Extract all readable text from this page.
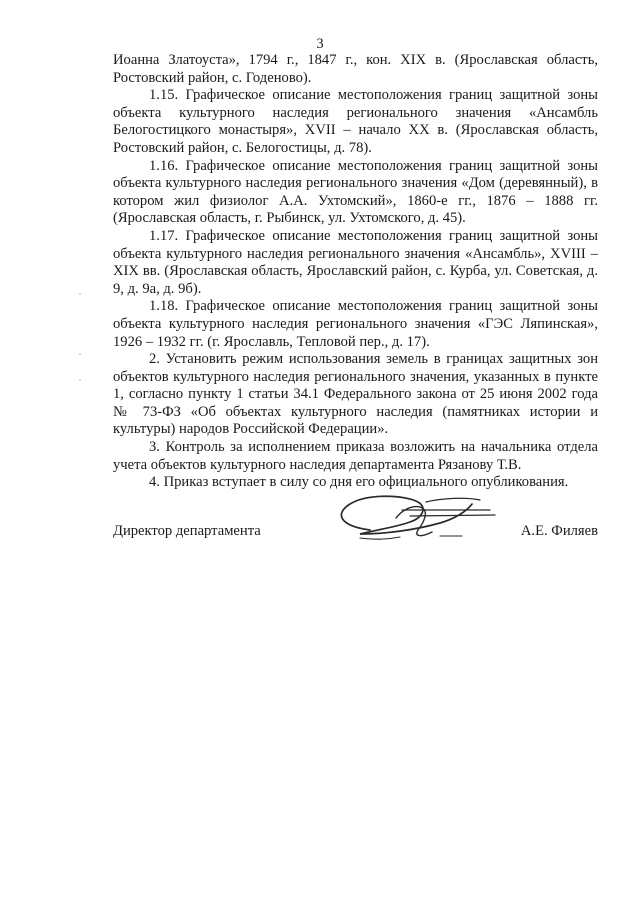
3

Иоанна Златоуста», 1794 г., 1847 г., кон. XIX в. (Ярославская область, Ростовский район, с. Годеново).

1.15. Графическое описание местоположения границ защитной зоны объекта культурного наследия регионального значения «Ансамбль Белогостицкого монастыря», XVII – начало XX в. (Ярославская область, Ростовский район, с. Белогостицы, д. 78).

1.16. Графическое описание местоположения границ защитной зоны объекта культурного наследия регионального значения «Дом (деревянный), в котором жил физиолог А.А. Ухтомский», 1860-е гг., 1876 – 1888 гг. (Ярославская область, г. Рыбинск, ул. Ухтомского, д. 45).

1.17. Графическое описание местоположения границ защитной зоны объекта культурного наследия регионального значения «Ансамбль», XVIII – XIX вв. (Ярославская область, Ярославский район, с. Курба, ул. Советская, д. 9, д. 9а, д. 9б).

1.18. Графическое описание местоположения границ защитной зоны объекта культурного наследия регионального значения «ГЭС Ляпинская», 1926 – 1932 гг. (г. Ярославль, Тепловой пер., д. 17).

2. Установить режим использования земель в границах защитных зон объектов культурного наследия регионального значения, указанных в пункте 1, согласно пункту 1 статьи 34.1 Федерального закона от 25 июня 2002 года № 73-ФЗ «Об объектах культурного наследия (памятниках истории и культуры) народов Российской Федерации».

3. Контроль за исполнением приказа возложить на начальника отдела учета объектов культурного наследия департамента Рязанову Т.В.

4. Приказ вступает в силу со дня его официального опубликования.

Директор департамента	А.Е. Филяев
